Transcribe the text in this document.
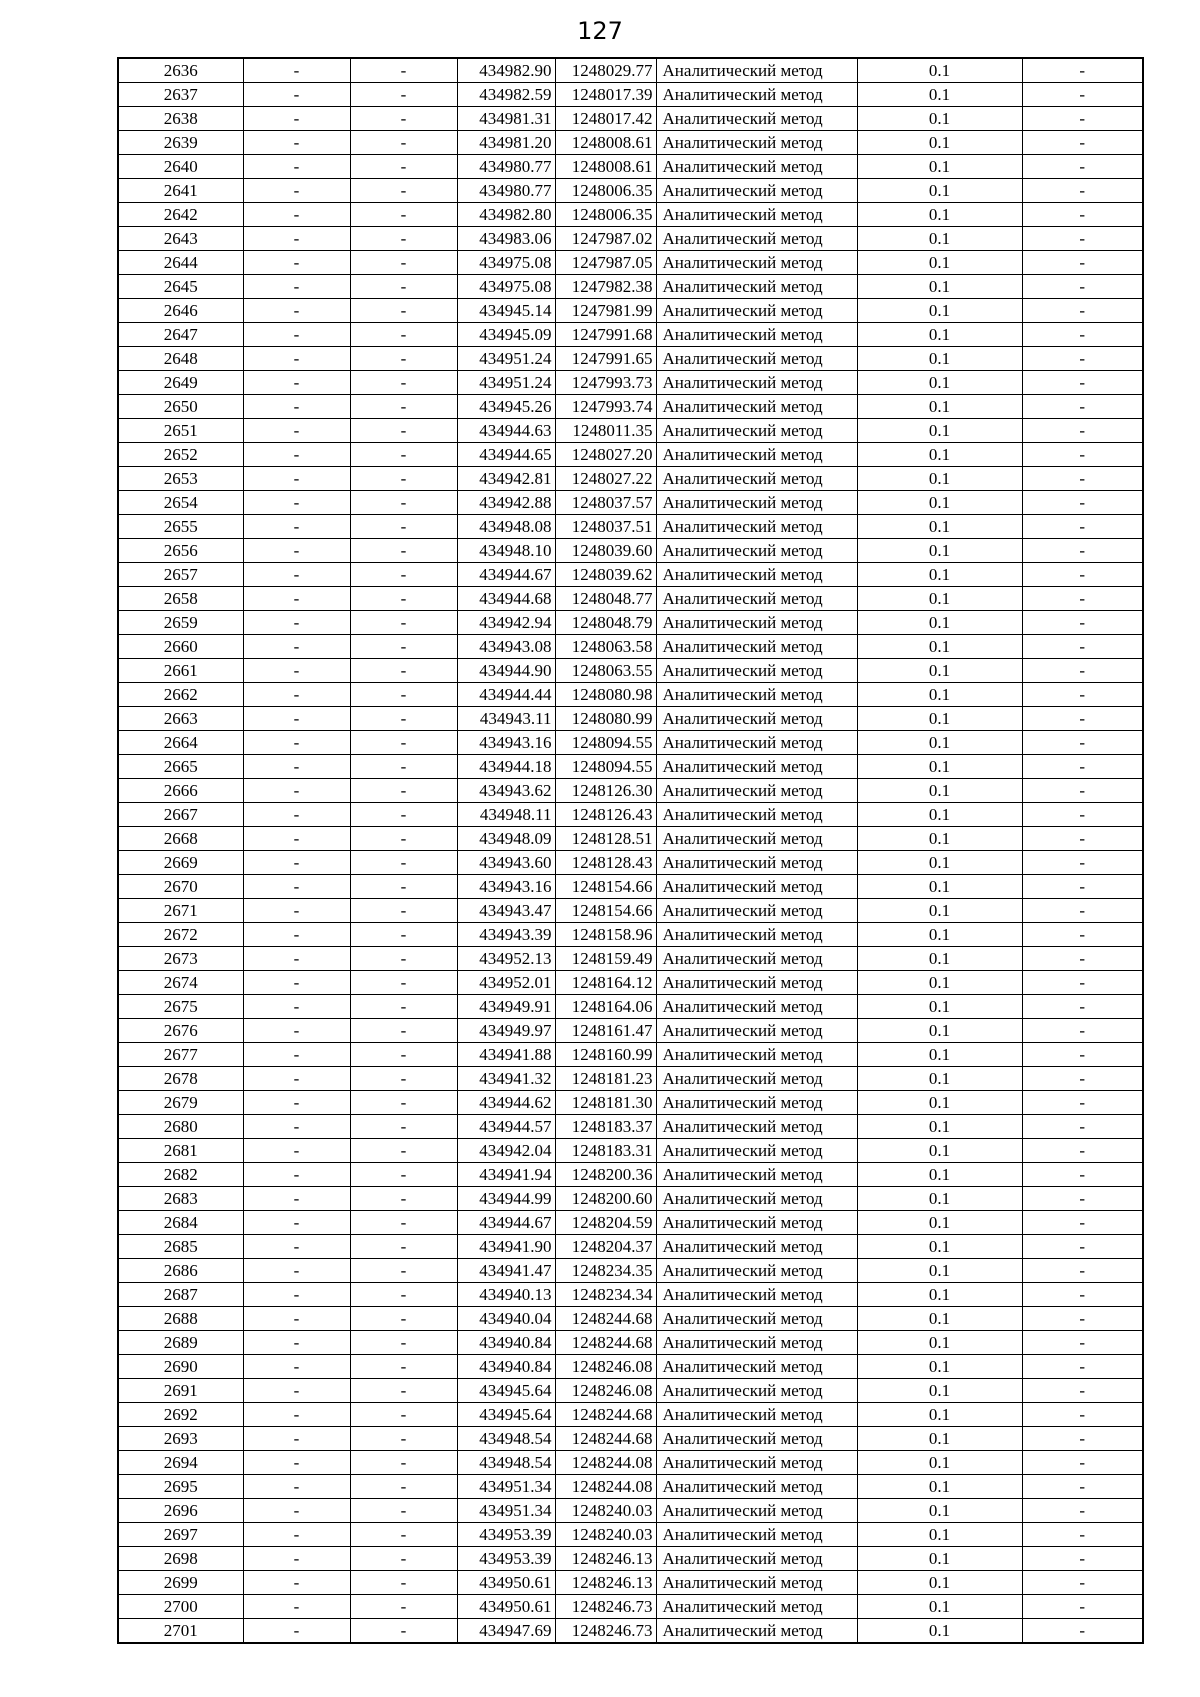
127
2636	-	-	434982.90	1248029.77	Аналитический метод	0.1	-
2637	-	-	434982.59	1248017.39	Аналитический метод	0.1	-
2638	-	-	434981.31	1248017.42	Аналитический метод	0.1	-
2639	-	-	434981.20	1248008.61	Аналитический метод	0.1	-
2640	-	-	434980.77	1248008.61	Аналитический метод	0.1	-
2641	-	-	434980.77	1248006.35	Аналитический метод	0.1	-
2642	-	-	434982.80	1248006.35	Аналитический метод	0.1	-
2643	-	-	434983.06	1247987.02	Аналитический метод	0.1	-
2644	-	-	434975.08	1247987.05	Аналитический метод	0.1	-
2645	-	-	434975.08	1247982.38	Аналитический метод	0.1	-
2646	-	-	434945.14	1247981.99	Аналитический метод	0.1	-
2647	-	-	434945.09	1247991.68	Аналитический метод	0.1	-
2648	-	-	434951.24	1247991.65	Аналитический метод	0.1	-
2649	-	-	434951.24	1247993.73	Аналитический метод	0.1	-
2650	-	-	434945.26	1247993.74	Аналитический метод	0.1	-
2651	-	-	434944.63	1248011.35	Аналитический метод	0.1	-
2652	-	-	434944.65	1248027.20	Аналитический метод	0.1	-
2653	-	-	434942.81	1248027.22	Аналитический метод	0.1	-
2654	-	-	434942.88	1248037.57	Аналитический метод	0.1	-
2655	-	-	434948.08	1248037.51	Аналитический метод	0.1	-
2656	-	-	434948.10	1248039.60	Аналитический метод	0.1	-
2657	-	-	434944.67	1248039.62	Аналитический метод	0.1	-
2658	-	-	434944.68	1248048.77	Аналитический метод	0.1	-
2659	-	-	434942.94	1248048.79	Аналитический метод	0.1	-
2660	-	-	434943.08	1248063.58	Аналитический метод	0.1	-
2661	-	-	434944.90	1248063.55	Аналитический метод	0.1	-
2662	-	-	434944.44	1248080.98	Аналитический метод	0.1	-
2663	-	-	434943.11	1248080.99	Аналитический метод	0.1	-
2664	-	-	434943.16	1248094.55	Аналитический метод	0.1	-
2665	-	-	434944.18	1248094.55	Аналитический метод	0.1	-
2666	-	-	434943.62	1248126.30	Аналитический метод	0.1	-
2667	-	-	434948.11	1248126.43	Аналитический метод	0.1	-
2668	-	-	434948.09	1248128.51	Аналитический метод	0.1	-
2669	-	-	434943.60	1248128.43	Аналитический метод	0.1	-
2670	-	-	434943.16	1248154.66	Аналитический метод	0.1	-
2671	-	-	434943.47	1248154.66	Аналитический метод	0.1	-
2672	-	-	434943.39	1248158.96	Аналитический метод	0.1	-
2673	-	-	434952.13	1248159.49	Аналитический метод	0.1	-
2674	-	-	434952.01	1248164.12	Аналитический метод	0.1	-
2675	-	-	434949.91	1248164.06	Аналитический метод	0.1	-
2676	-	-	434949.97	1248161.47	Аналитический метод	0.1	-
2677	-	-	434941.88	1248160.99	Аналитический метод	0.1	-
2678	-	-	434941.32	1248181.23	Аналитический метод	0.1	-
2679	-	-	434944.62	1248181.30	Аналитический метод	0.1	-
2680	-	-	434944.57	1248183.37	Аналитический метод	0.1	-
2681	-	-	434942.04	1248183.31	Аналитический метод	0.1	-
2682	-	-	434941.94	1248200.36	Аналитический метод	0.1	-
2683	-	-	434944.99	1248200.60	Аналитический метод	0.1	-
2684	-	-	434944.67	1248204.59	Аналитический метод	0.1	-
2685	-	-	434941.90	1248204.37	Аналитический метод	0.1	-
2686	-	-	434941.47	1248234.35	Аналитический метод	0.1	-
2687	-	-	434940.13	1248234.34	Аналитический метод	0.1	-
2688	-	-	434940.04	1248244.68	Аналитический метод	0.1	-
2689	-	-	434940.84	1248244.68	Аналитический метод	0.1	-
2690	-	-	434940.84	1248246.08	Аналитический метод	0.1	-
2691	-	-	434945.64	1248246.08	Аналитический метод	0.1	-
2692	-	-	434945.64	1248244.68	Аналитический метод	0.1	-
2693	-	-	434948.54	1248244.68	Аналитический метод	0.1	-
2694	-	-	434948.54	1248244.08	Аналитический метод	0.1	-
2695	-	-	434951.34	1248244.08	Аналитический метод	0.1	-
2696	-	-	434951.34	1248240.03	Аналитический метод	0.1	-
2697	-	-	434953.39	1248240.03	Аналитический метод	0.1	-
2698	-	-	434953.39	1248246.13	Аналитический метод	0.1	-
2699	-	-	434950.61	1248246.13	Аналитический метод	0.1	-
2700	-	-	434950.61	1248246.73	Аналитический метод	0.1	-
2701	-	-	434947.69	1248246.73	Аналитический метод	0.1	-
